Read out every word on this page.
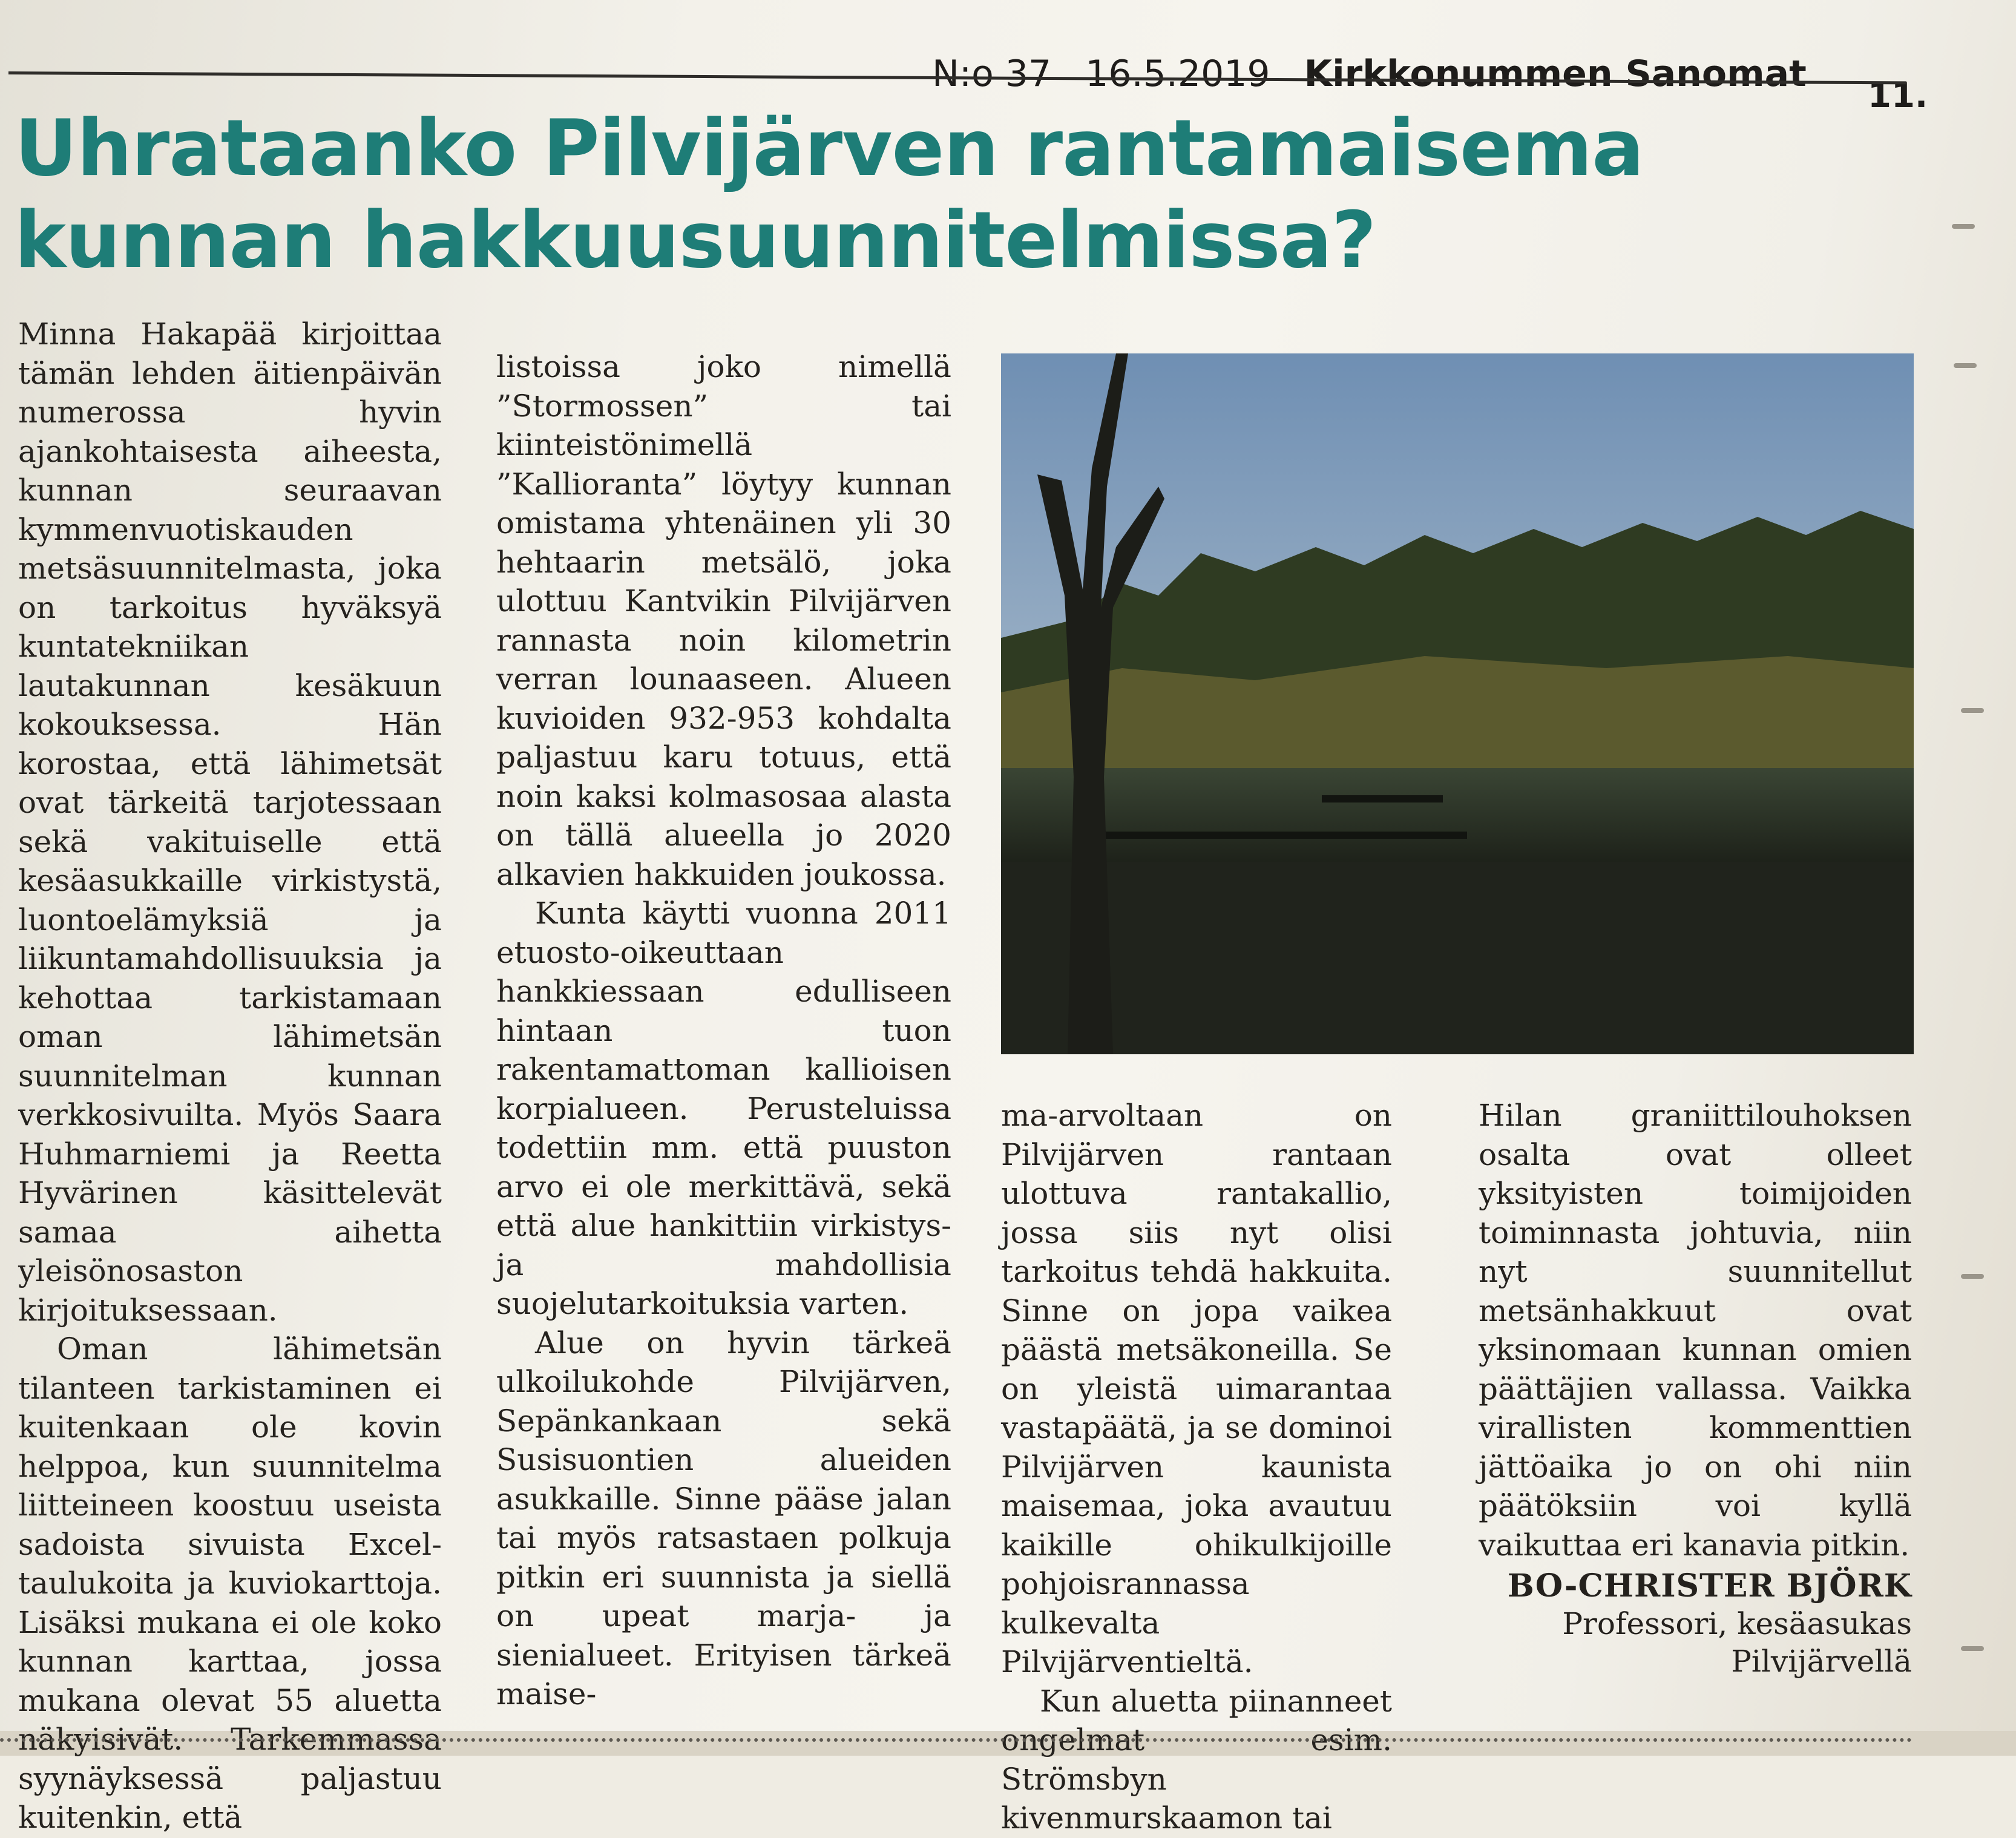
N:o 37 16.5.2019 Kirkkonummen Sanomat
11.
Uhrataanko Pilvijärven rantamaisema kunnan hakkuusuunnitelmissa?

Minna Hakapää kirjoittaa tämän lehden äitienpäivän numerossa hyvin ajankohtaisesta aiheesta, kunnan seuraavan kymmenvuotiskauden metsäsuunnitelmasta, joka on tarkoitus hyväksyä kuntatekniikan lautakunnan kesäkuun kokouksessa. Hän korostaa, että lähimetsät ovat tärkeitä tarjotessaan sekä vakituiselle että kesäasukkaille virkistystä, luontoelämyksiä ja liikuntamahdollisuuksia ja kehottaa tarkistamaan oman lähimetsän suunnitelman kunnan verkkosivuilta. Myös Saara Huhmarniemi ja Reetta Hyvärinen käsittelevät samaa aihetta yleisönosaston kirjoituksessaan.

Oman lähimetsän tilanteen tarkistaminen ei kuitenkaan ole kovin helppoa, kun suunnitelma liitteineen koostuu useista sadoista sivuista Excel-taulukoita ja kuviokarttoja. Lisäksi mukana ei ole koko kunnan karttaa, jossa mukana olevat 55 aluetta näkyisivät. Tarkemmassa syynäyksessä paljastuu kuitenkin, että

listoissa joko nimellä ”Stormossen” tai kiinteistönimellä ”Kallioranta” löytyy kunnan omistama yhtenäinen yli 30 hehtaarin metsälö, joka ulottuu Kantvikin Pilvijärven rannasta noin kilometrin verran lounaaseen. Alueen kuvioiden 932-953 kohdalta paljastuu karu totuus, että noin kaksi kolmasosaa alasta on tällä alueella jo 2020 alkavien hakkuiden joukossa.

Kunta käytti vuonna 2011 etuosto-oikeuttaan hankkiessaan edulliseen hintaan tuon rakentamattoman kallioisen korpialueen. Perusteluissa todettiin mm. että puuston arvo ei ole merkittävä, sekä että alue hankittiin virkistys- ja mahdollisia suojelutarkoituksia varten.

Alue on hyvin tärkeä ulkoilukohde Pilvijärven, Sepänkankaan sekä Susisuontien alueiden asukkaille. Sinne pääse jalan tai myös ratsastaen polkuja pitkin eri suunnista ja siellä on upeat marja- ja sienialueet. Erityisen tärkeä maise-

ma-arvoltaan on Pilvijärven rantaan ulottuva rantakallio, jossa siis nyt olisi tarkoitus tehdä hakkuita. Sinne on jopa vaikea päästä metsäkoneilla. Se on yleistä uimarantaa vastapäätä, ja se dominoi Pilvijärven kaunista maisemaa, joka avautuu kaikille ohikulkijoille pohjoisrannassa kulkevalta Pilvijärventieltä.

Kun aluetta piinanneet ongelmat esim. Strömsbyn kivenmurskaamon tai

Hilan graniittilouhoksen osalta ovat olleet yksityisten toimijoiden toiminnasta johtuvia, niin nyt suunnitellut metsänhakkuut ovat yksinomaan kunnan omien päättäjien vallassa. Vaikka virallisten kommenttien jättöaika jo on ohi niin päätöksiin voi kyllä vaikuttaa eri kanavia pitkin.

BO-CHRISTER BJÖRK
Professori, kesäasukas
Pilvijärvellä
